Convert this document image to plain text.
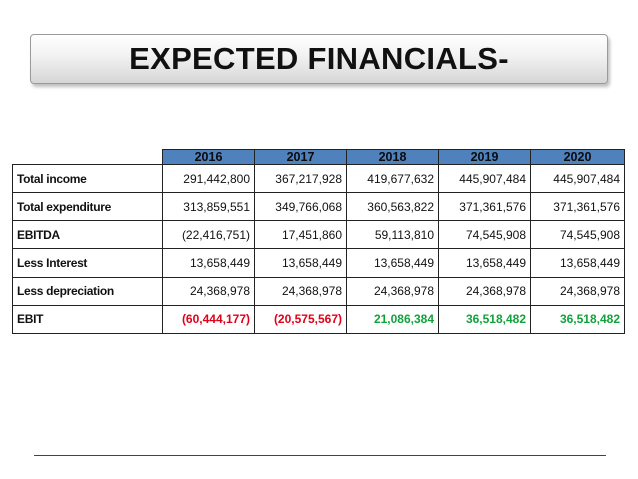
EXPECTED FINANCIALS-
	2016	2017	2018	2019	2020
Total income	291,442,800	367,217,928	419,677,632	445,907,484	445,907,484
Total expenditure	313,859,551	349,766,068	360,563,822	371,361,576	371,361,576
EBITDA	(22,416,751)	17,451,860	59,113,810	74,545,908	74,545,908
Less Interest	13,658,449	13,658,449	13,658,449	13,658,449	13,658,449
Less depreciation	24,368,978	24,368,978	24,368,978	24,368,978	24,368,978
EBIT	(60,444,177)	(20,575,567)	21,086,384	36,518,482	36,518,482
